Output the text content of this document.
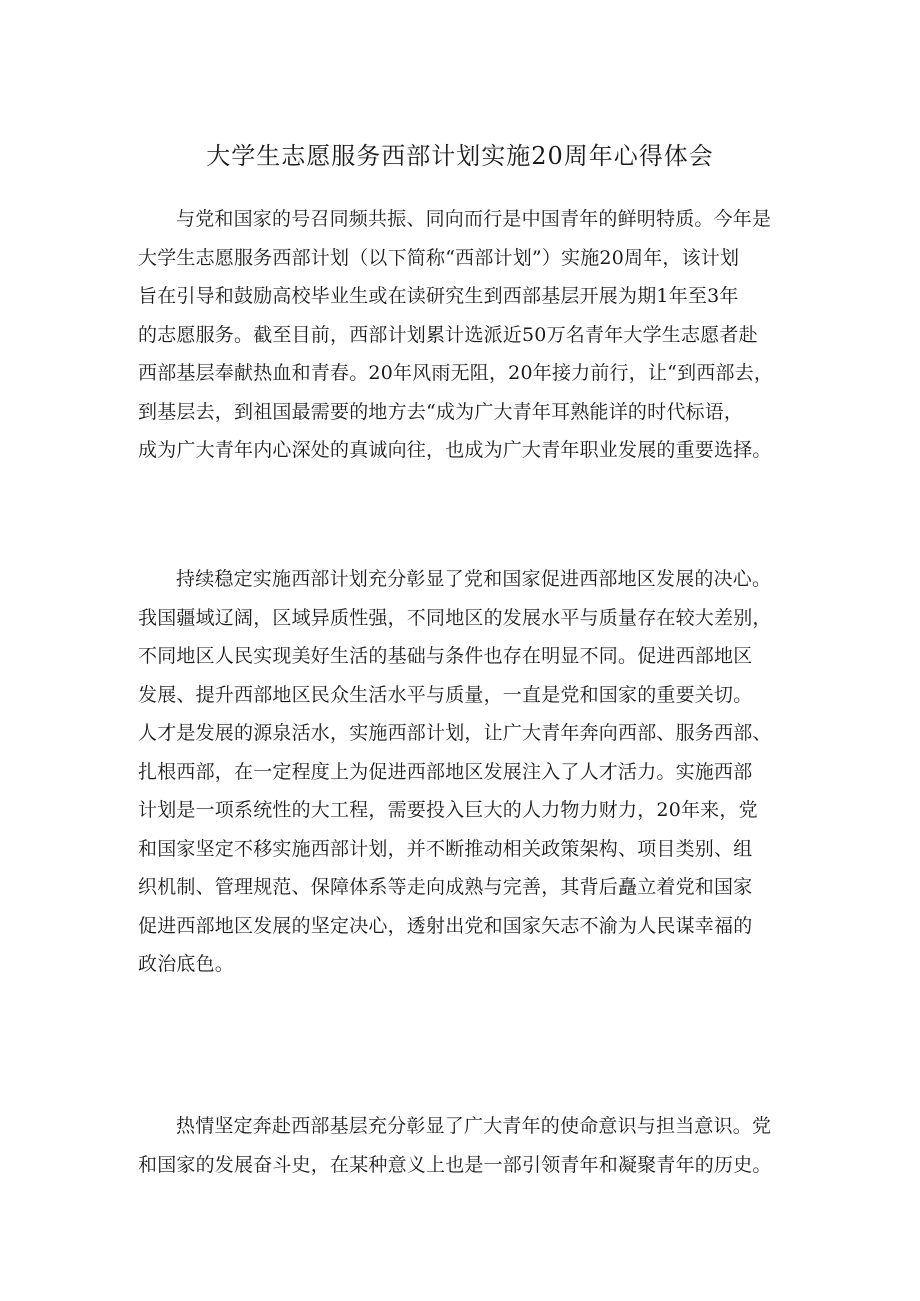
大学生志愿服务西部计划实施20周年心得体会
与党和国家的号召同频共振、同向而行是中国青年的鲜明特质。今年是
大学生志愿服务西部计划（以下简称“西部计划”）实施20周年，该计划
旨在引导和鼓励高校毕业生或在读研究生到西部基层开展为期1年至3年
的志愿服务。截至目前，西部计划累计选派近50万名青年大学生志愿者赴
西部基层奉献热血和青春。20年风雨无阻，20年接力前行，让“到西部去，
到基层去，到祖国最需要的地方去“成为广大青年耳熟能详的时代标语，
成为广大青年内心深处的真诚向往，也成为广大青年职业发展的重要选择。
持续稳定实施西部计划充分彰显了党和国家促进西部地区发展的决心。
我国疆域辽阔，区域异质性强，不同地区的发展水平与质量存在较大差别，
不同地区人民实现美好生活的基础与条件也存在明显不同。促进西部地区
发展、提升西部地区民众生活水平与质量，一直是党和国家的重要关切。
人才是发展的源泉活水，实施西部计划，让广大青年奔向西部、服务西部、
扎根西部，在一定程度上为促进西部地区发展注入了人才活力。实施西部
计划是一项系统性的大工程，需要投入巨大的人力物力财力，20年来，党
和国家坚定不移实施西部计划，并不断推动相关政策架构、项目类别、组
织机制、管理规范、保障体系等走向成熟与完善，其背后矗立着党和国家
促进西部地区发展的坚定决心，透射出党和国家矢志不渝为人民谋幸福的
政治底色。
热情坚定奔赴西部基层充分彰显了广大青年的使命意识与担当意识。党
和国家的发展奋斗史，在某种意义上也是一部引领青年和凝聚青年的历史。
